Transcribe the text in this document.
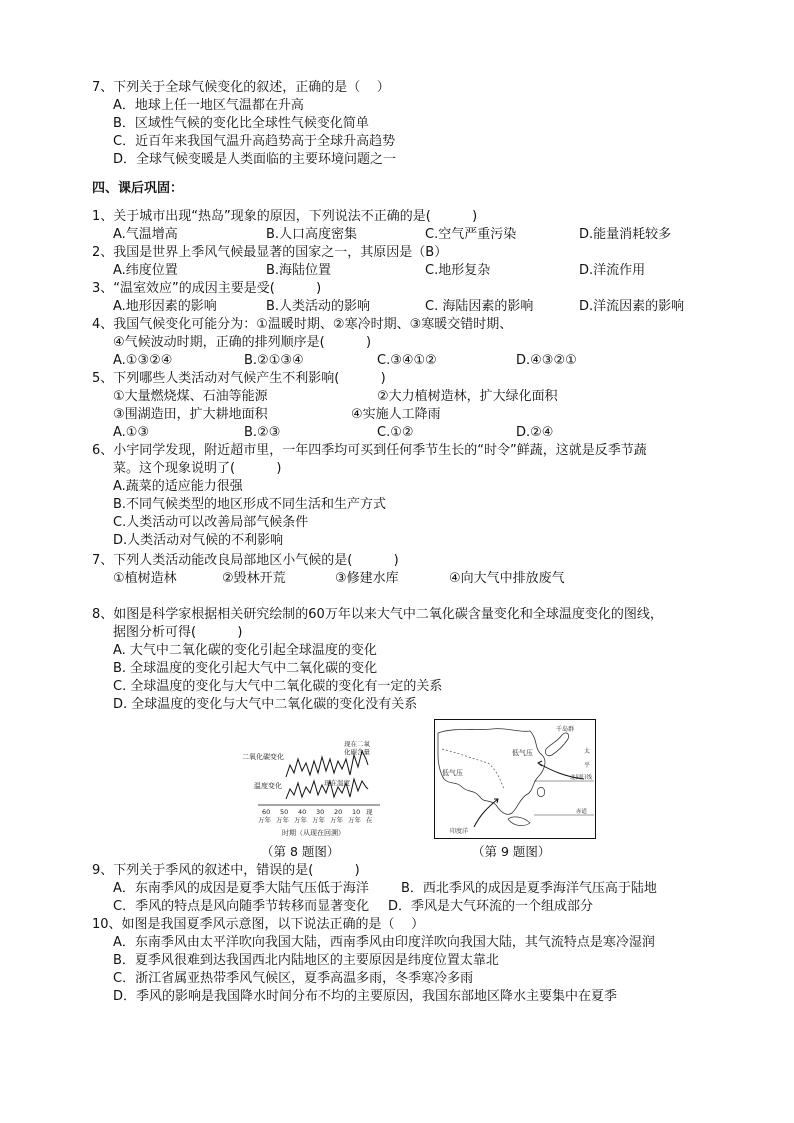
7、下列关于全球气候变化的叙述，正确的是（    ）
A．地球上任一地区气温都在升高
B．区域性气候的变化比全球性气候变化简单
C．近百年来我国气温升高趋势高于全球升高趋势
D．全球气候变暖是人类面临的主要环境问题之一
四、课后巩固：
1、关于城市出现“热岛”现象的原因，下列说法不正确的是(          )
A.气温增高	B.人口高度密集	C.空气严重污染	D.能量消耗较多
2、我国是世界上季风气候最显著的国家之一，其原因是（B）
A.纬度位置	B.海陆位置	C.地形复杂	D.洋流作用
3、“温室效应”的成因主要是受(          )
A.地形因素的影响	B.人类活动的影响	C. 海陆因素的影响	D.洋流因素的影响
4、我国气候变化可能分为：①温暖时期、②寒冷时期、③寒暖交错时期、
④气候波动时期，正确的排列顺序是(          )
A.①③②④	B.②①③④	C.③④①②	D.④③②①
5、下列哪些人类活动对气候产生不利影响(          )
①大量燃烧煤、石油等能源	②大力植树造林，扩大绿化面积
③围湖造田，扩大耕地面积	④实施人工降雨
A.①③	B.②③	C.①②	D.②④
6、小宇同学发现，附近超市里，一年四季均可买到任何季节生长的“时令”鲜蔬，这就是反季节蔬
菜。这个现象说明了(          )
A.蔬菜的适应能力很强
B.不同气候类型的地区形成不同生活和生产方式
C.人类活动可以改善局部气候条件
D.人类活动对气候的不利影响
7、下列人类活动能改良局部地区小气候的是(          )
①植树造林	②毁林开荒	③修建水库	④向大气中排放废气
8、如图是科学家根据相关研究绘制的60万年以来大气中二氧化碳含量变化和全球温度变化的图线，
据图分析可得(          )
A. 大气中二氧化碳的变化引起全球温度的变化
B. 全球温度的变化引起大气中二氧化碳的变化
C. 全球温度的变化与大气中二氧化碳的变化有一定的关系
D. 全球温度的变化与大气中二氧化碳的变化没有关系
二氧化碳变化
温度变化
现在二氧
化碳含量
现在温度
60 50 40 30 20 10 现
万年 万年 万年 万年 万年 万年 在
时期（从现在回溯）
（第 8 题图）
低气压
低气压	太
平
北回归线
赤道
印度洋
千岛群
（第 9 题图）
9、下列关于季风的叙述中，错误的是(          )
A．东南季风的成因是夏季大陆气压低于海洋 B．西北季风的成因是夏季海洋气压高于陆地
C．季风的特点是风向随季节转移而显著变化 D．季风是大气环流的一个组成部分
10、如图是我国夏季风示意图，以下说法正确的是（    ）
A．东南季风由太平洋吹向我国大陆，西南季风由印度洋吹向我国大陆，其气流特点是寒冷湿润
B．夏季风很难到达我国西北内陆地区的主要原因是纬度位置太靠北
C．浙江省属亚热带季风气候区，夏季高温多雨，冬季寒冷多雨
D．季风的影响是我国降水时间分布不均的主要原因，我国东部地区降水主要集中在夏季
